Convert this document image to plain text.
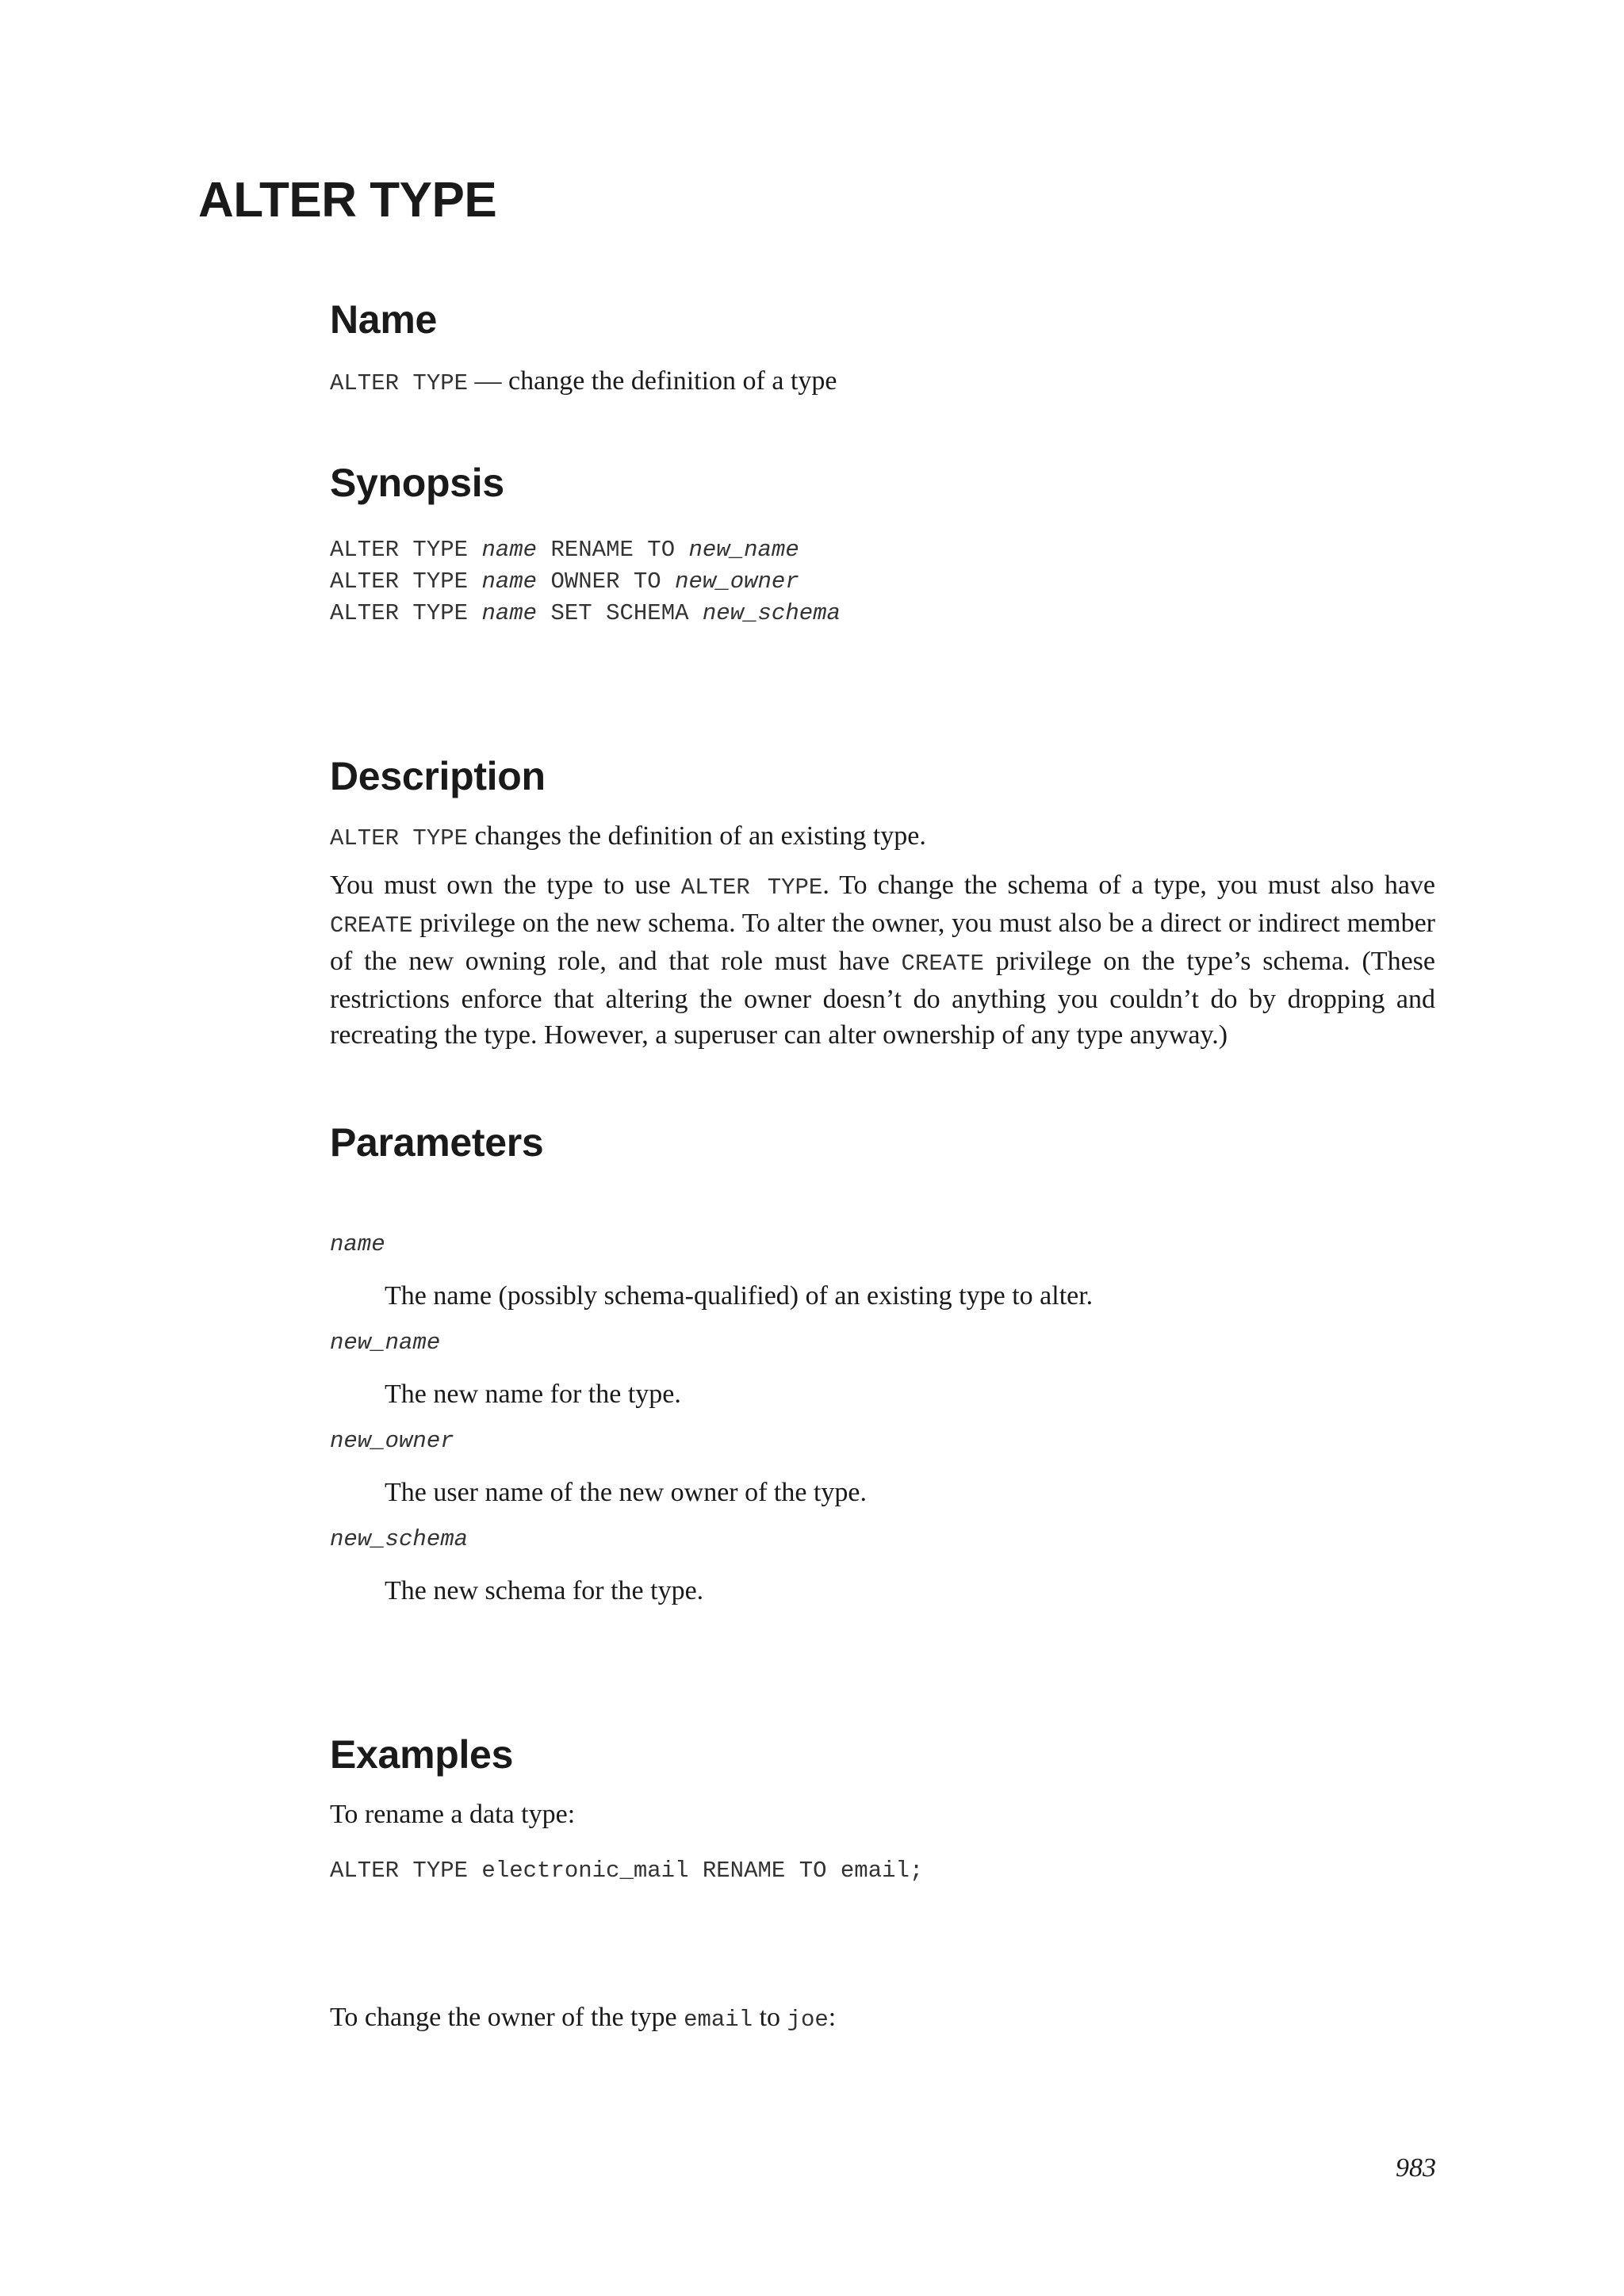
ALTER TYPE
Name

ALTER TYPE — change the definition of a type

Synopsis

ALTER TYPE name RENAME TO new_name

ALTER TYPE name OWNER TO new_owner

ALTER TYPE name SET SCHEMA new_schema

Description

ALTER TYPE changes the definition of an existing type.

You must own the type to use ALTER TYPE. To change the schema of a type, you must also have
CREATE privilege on the new schema. To alter the owner, you must also be a direct or indirect member
of the new owning role, and that role must have CREATE privilege on the type’s schema. (These
restrictions enforce that altering the owner doesn’t do anything you couldn’t do by dropping and
recreating the type. However, a superuser can alter ownership of any type anyway.)
Parameters

name

The name (possibly schema-qualified) of an existing type to alter.

new_name

The new name for the type.

new_owner

The user name of the new owner of the type.

new_schema

The new schema for the type.

Examples

To rename a data type:

ALTER TYPE electronic_mail RENAME TO email;

To change the owner of the type email to joe:

983
